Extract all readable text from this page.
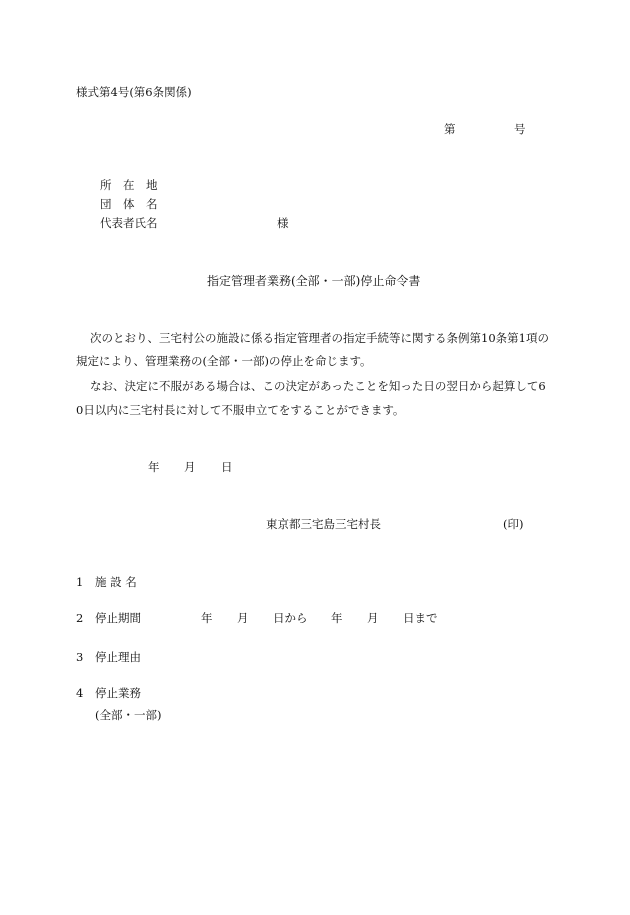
様式第4号(第6条関係)
第	号
所　在　地
団　体　名
代表者氏名	様
指定管理者業務(全部・一部)停止命令書
次のとおり、三宅村公の施設に係る指定管理者の指定手続等に関する条例第10条第1項の
規定により、管理業務の(全部・一部)の停止を命じます。
なお、決定に不服がある場合は、この決定があったことを知った日の翌日から起算して6
0日以内に三宅村長に対して不服申立てをすることができます。
年 月 日
東京都三宅島三宅村長	(印)
1 施 設 名
2 停止期間	年 月 日から 年 月 日まで
3 停止理由
4 停止業務
(全部・一部)
